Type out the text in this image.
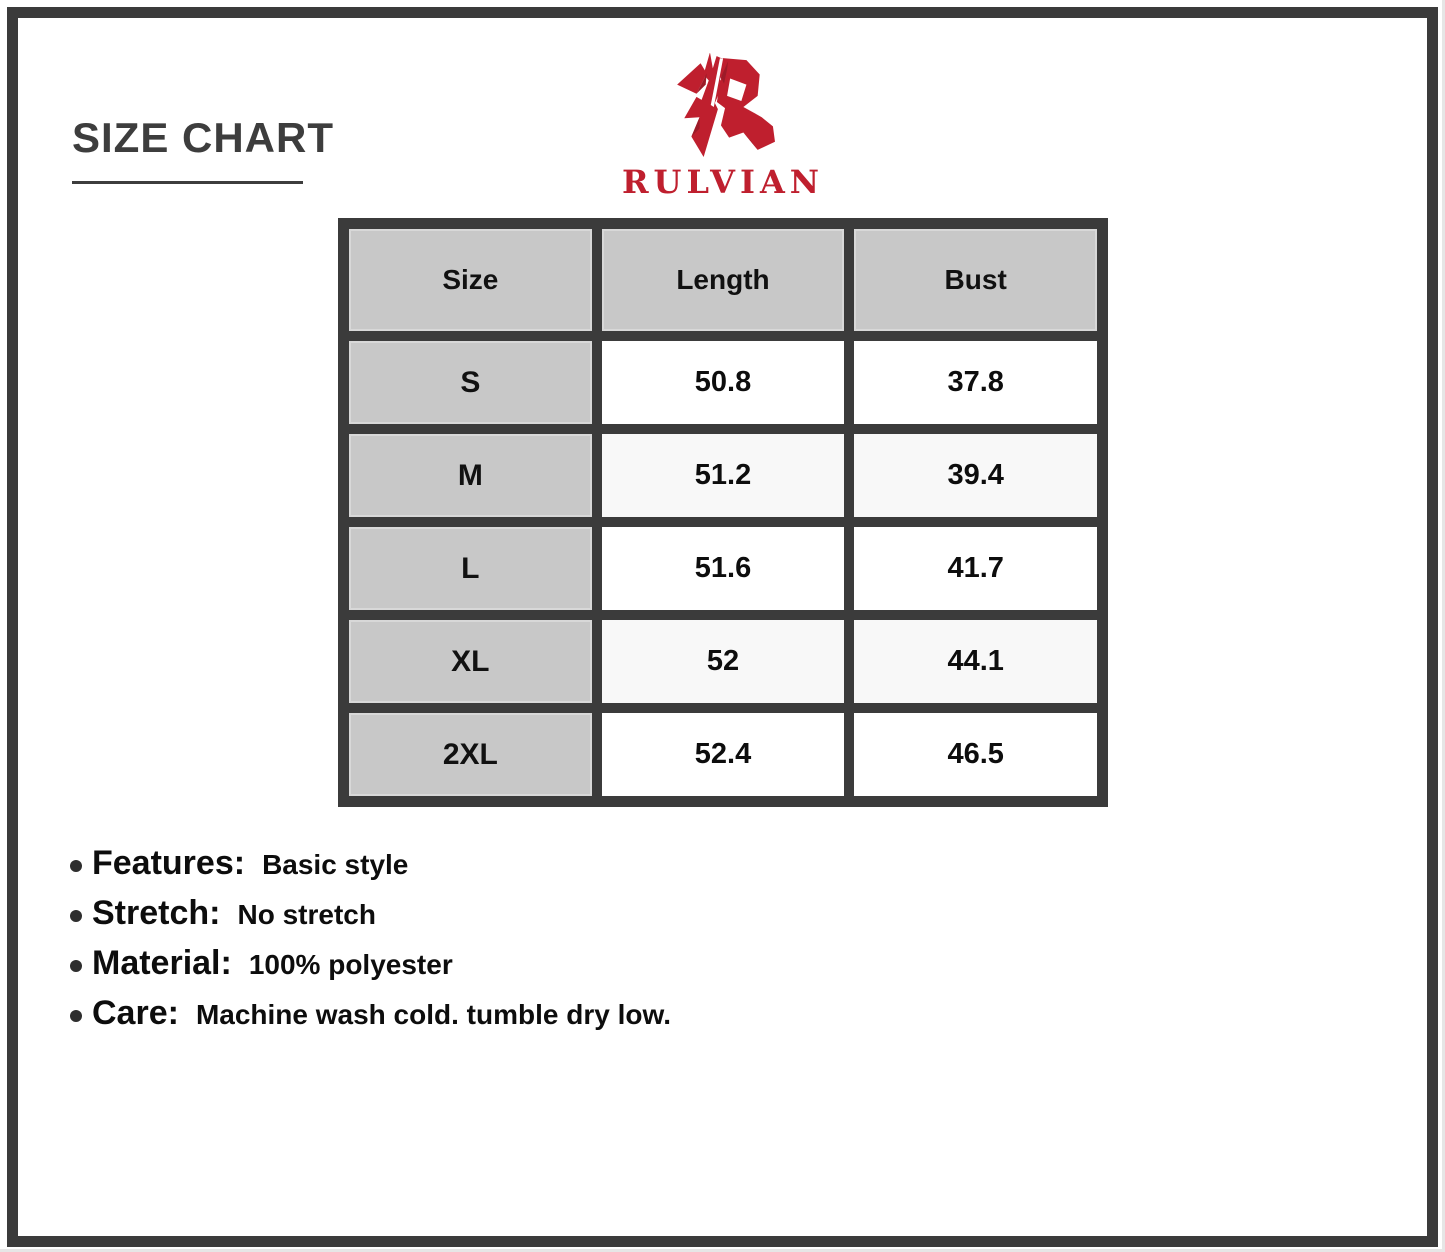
SIZE CHART
RULVIAN
Size	Length	Bust
S	50.8	37.8
M	51.2	39.4
L	51.6	41.7
XL	52	44.1
2XL	52.4	46.5
Features: Basic style
Stretch: No stretch
Material: 100% polyester
Care: Machine wash cold. tumble dry low.
